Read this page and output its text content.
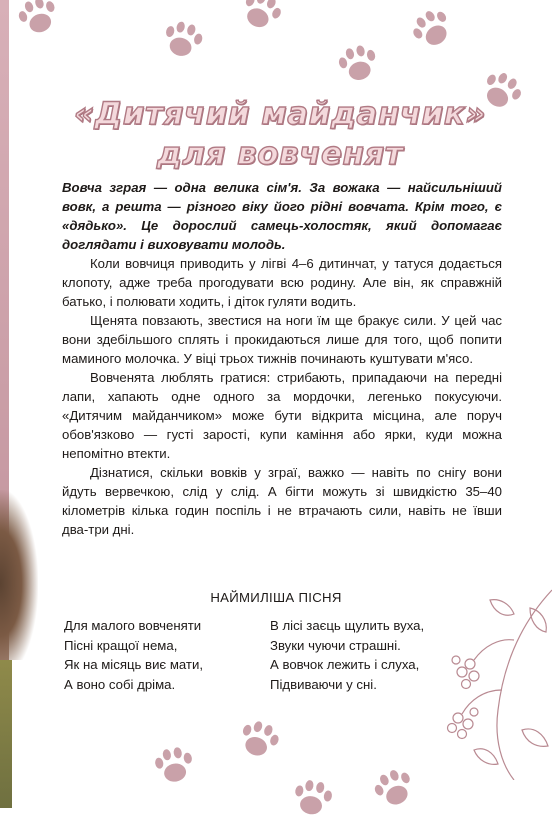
«Дитячий майданчик»
для вовченят
Вовча зграя — одна велика сім'я. За вожака — найсильніший вовк, а решта — різного віку його рідні вовчата. Крім того, є «дядько». Це дорослий самець-холостяк, який допомагає доглядати і виховувати молодь.

Коли вовчиця приводить у лігві 4–6 дитинчат, у татуся додається клопоту, адже треба прогодувати всю родину. Але він, як справжній батько, і полювати ходить, і діток гуляти водить.

Щенята повзають, звестися на ноги їм ще бракує сили. У цей час вони здебільшого сплять і прокидаються лише для того, щоб попити маминого молочка. У віці трьох тижнів починають куштувати м'ясо.

Вовченята люблять гратися: стрибають, припадаючи на передні лапи, хапають одне одного за мордочки, легенько покусуючи. «Дитячим майданчиком» може бути відкрита місцина, але поруч обов'язково — густі зарості, купи каміння або ярки, куди можна непомітно втекти.

Дізнатися, скільки вовків у зграї, важко — навіть по снігу вони йдуть вервечкою, слід у слід. А бігти можуть зі швидкістю 35–40 кілометрів кілька годин поспіль і не втрачають сили, навіть не ївши два-три дні.

НАЙМИЛІША ПІСНЯ
Для малого вовченяти
Пісні кращої нема,
Як на місяць виє мати,
А воно собі дріма.
В лісі заєць щулить вуха,
Звуки чуючи страшні.
А вовчок лежить і слуха,
Підвиваючи у сні.
